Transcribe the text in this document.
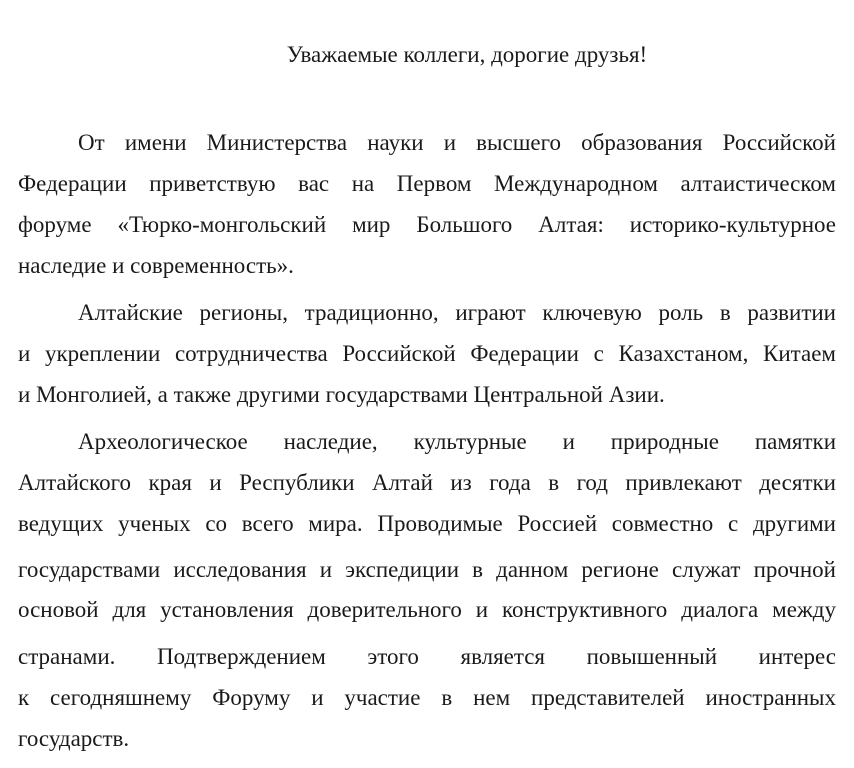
Уважаемые коллеги, дорогие друзья!
От имени Министерства науки и высшего образования Российской
Федерации приветствую вас на Первом Международном алтаистическом
форуме «Тюрко-монгольский мир Большого Алтая: историко-культурное
наследие и современность».
Алтайские регионы, традиционно, играют ключевую роль в развитии
и укреплении сотрудничества Российской Федерации с Казахстаном, Китаем
и Монголией, а также другими государствами Центральной Азии.
Археологическое наследие, культурные и природные памятки
Алтайского края и Республики Алтай из года в год привлекают десятки
ведущих ученых со всего мира. Проводимые Россией совместно с другими
государствами исследования и экспедиции в данном регионе служат прочной
основой для установления доверительного и конструктивного диалога между
странами. Подтверждением этого является повышенный интерес
к сегодняшнему Форуму и участие в нем представителей иностранных
государств.
